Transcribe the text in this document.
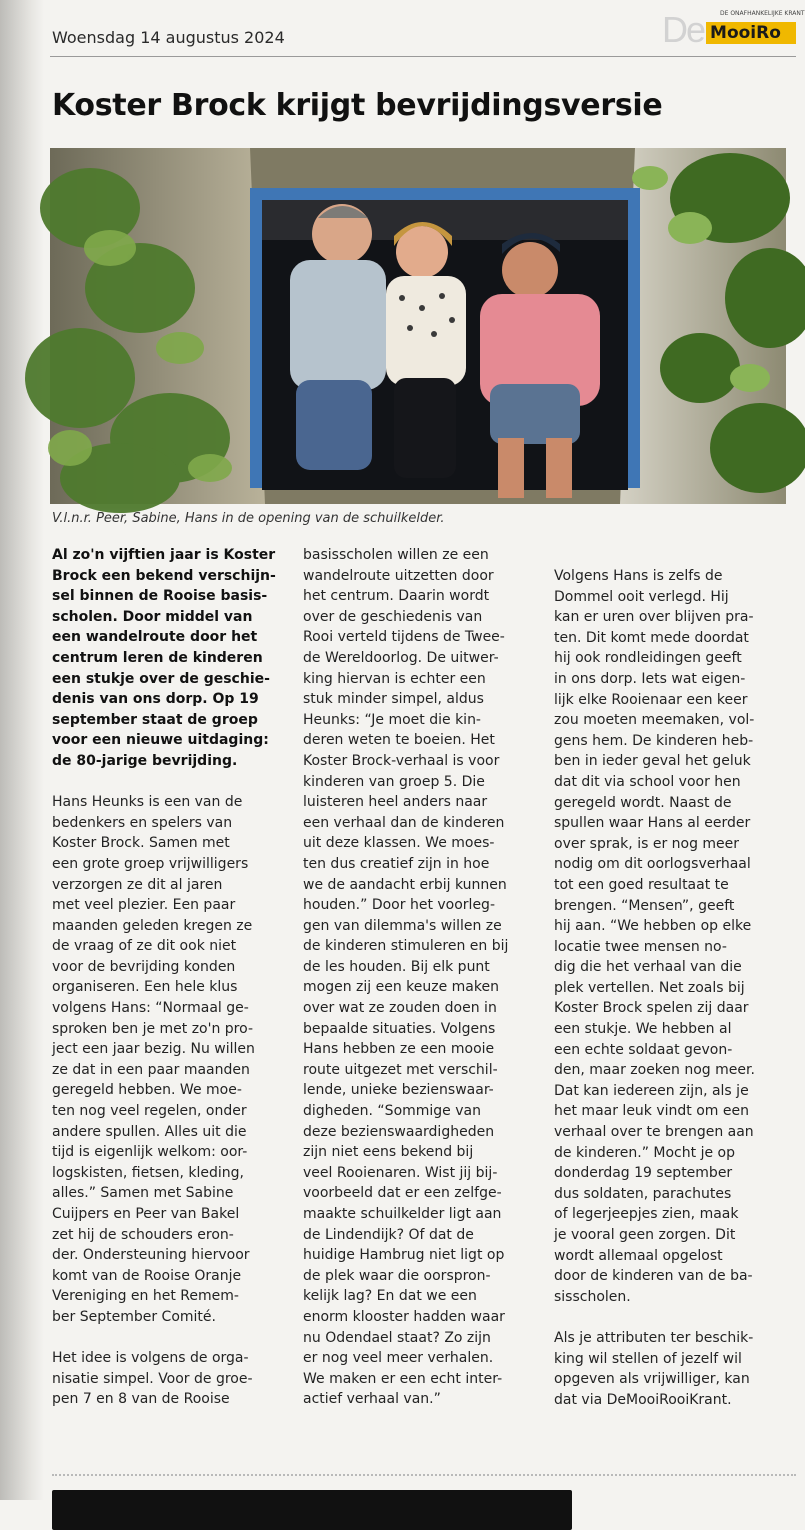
Woensdag 14 augustus 2024	De	DE ONAFHANKELIJKE KRANT
MooiRo
Koster Brock krijgt bevrijdingsversie
V.l.n.r. Peer, Sabine, Hans in de opening van de schuilkelder.

Al zo'n vijftien jaar is Koster

Brock een bekend verschijn-

sel binnen de Rooise basis-

scholen. Door middel van

een wandelroute door het

centrum leren de kinderen

een stukje over de geschie-

denis van ons dorp. Op 19

september staat de groep

voor een nieuwe uitdaging:

de 80-jarige bevrijding.

Hans Heunks is een van de

bedenkers en spelers van

Koster Brock. Samen met

een grote groep vrijwilligers

verzorgen ze dit al jaren

met veel plezier. Een paar

maanden geleden kregen ze

de vraag of ze dit ook niet

voor de bevrijding konden

organiseren. Een hele klus

volgens Hans: “Normaal ge-

sproken ben je met zo'n pro-

ject een jaar bezig. Nu willen

ze dat in een paar maanden

geregeld hebben. We moe-

ten nog veel regelen, onder

andere spullen. Alles uit die

tijd is eigenlijk welkom: oor-

logskisten, fietsen, kleding,

alles.” Samen met Sabine

Cuijpers en Peer van Bakel

zet hij de schouders eron-

der. Ondersteuning hiervoor

komt van de Rooise Oranje

Vereniging en het Remem-

ber September Comité.

Het idee is volgens de orga-

nisatie simpel. Voor de groe-

pen 7 en 8 van de Rooise

basisscholen willen ze een

wandelroute uitzetten door

het centrum. Daarin wordt

over de geschiedenis van

Rooi verteld tijdens de Twee-

de Wereldoorlog. De uitwer-

king hiervan is echter een

stuk minder simpel, aldus

Heunks: “Je moet die kin-

deren weten te boeien. Het

Koster Brock-verhaal is voor

kinderen van groep 5. Die

luisteren heel anders naar

een verhaal dan de kinderen

uit deze klassen. We moes-

ten dus creatief zijn in hoe

we de aandacht erbij kunnen

houden.” Door het voorleg-

gen van dilemma's willen ze

de kinderen stimuleren en bij

de les houden. Bij elk punt

mogen zij een keuze maken

over wat ze zouden doen in

bepaalde situaties. Volgens

Hans hebben ze een mooie

route uitgezet met verschil-

lende, unieke bezienswaar-

digheden. “Sommige van

deze bezienswaardigheden

zijn niet eens bekend bij

veel Rooienaren. Wist jij bij-

voorbeeld dat er een zelfge-

maakte schuilkelder ligt aan

de Lindendijk? Of dat de

huidige Hambrug niet ligt op

de plek waar die oorspron-

kelijk lag? En dat we een

enorm klooster hadden waar

nu Odendael staat? Zo zijn

er nog veel meer verhalen.

We maken er een echt inter-

actief verhaal van.”

Volgens Hans is zelfs de

Dommel ooit verlegd. Hij

kan er uren over blijven pra-

ten. Dit komt mede doordat

hij ook rondleidingen geeft

in ons dorp. Iets wat eigen-

lijk elke Rooienaar een keer

zou moeten meemaken, vol-

gens hem. De kinderen heb-

ben in ieder geval het geluk

dat dit via school voor hen

geregeld wordt. Naast de

spullen waar Hans al eerder

over sprak, is er nog meer

nodig om dit oorlogsverhaal

tot een goed resultaat te

brengen. “Mensen”, geeft

hij aan. “We hebben op elke

locatie twee mensen no-

dig die het verhaal van die

plek vertellen. Net zoals bij

Koster Brock spelen zij daar

een stukje. We hebben al

een echte soldaat gevon-

den, maar zoeken nog meer.

Dat kan iedereen zijn, als je

het maar leuk vindt om een

verhaal over te brengen aan

de kinderen.” Mocht je op

donderdag 19 september

dus soldaten, parachutes

of legerjeepjes zien, maak

je vooral geen zorgen. Dit

wordt allemaal opgelost

door de kinderen van de ba-

sisscholen.

Als je attributen ter beschik-

king wil stellen of jezelf wil

opgeven als vrijwilliger, kan

dat via DeMooiRooiKrant.
